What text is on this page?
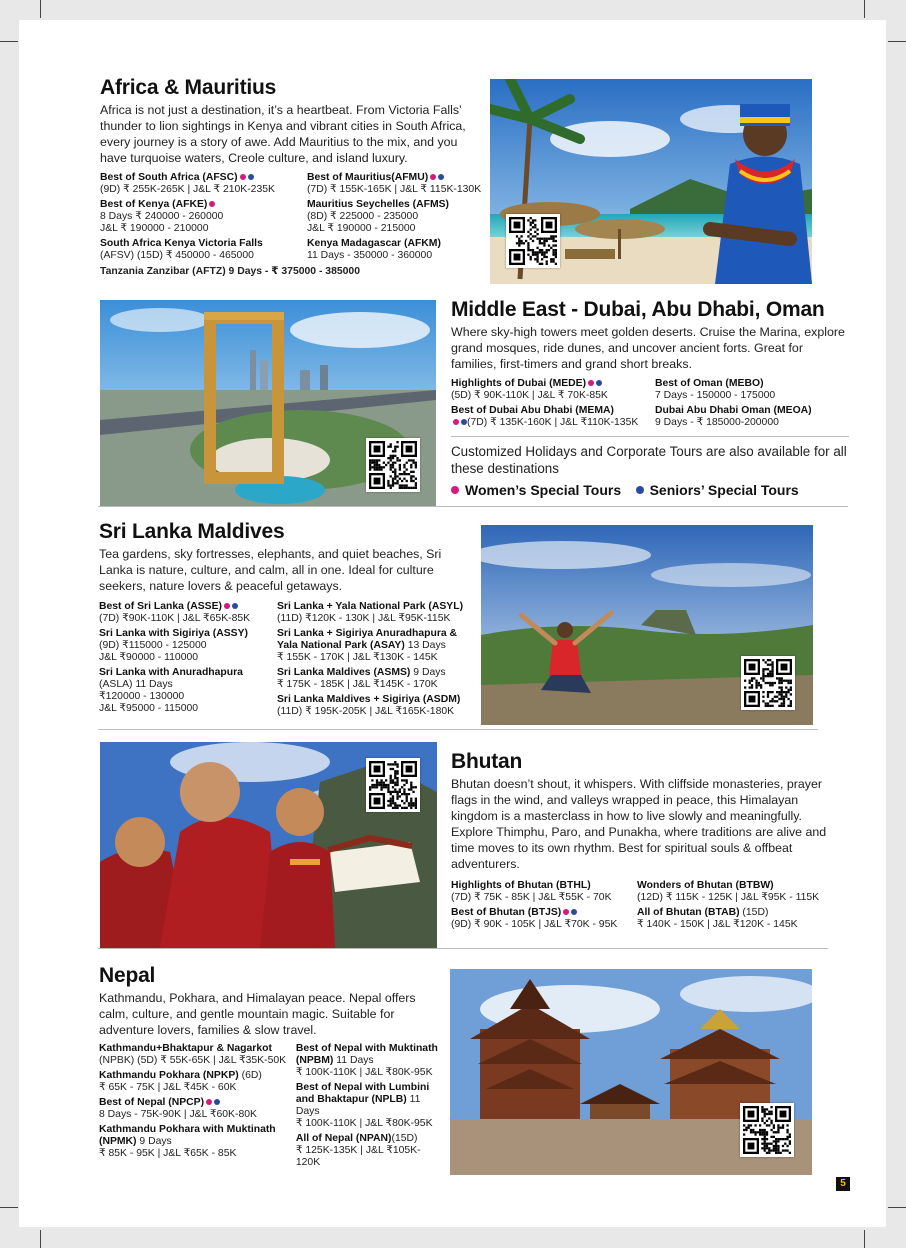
Africa & Mauritius
Africa is not just a destination, it’s a heartbeat. From Victoria Falls’ thunder to lion sightings in Kenya and vibrant cities in South Africa, every journey is a story of awe. Add Mauritius to the mix, and you have turquoise waters, Creole culture, and island luxury.
Best of South Africa (AFSC)
(9D) ₹ 255K-265K | J&L ₹ 210K-235K

Best of Kenya (AFKE)
8 Days ₹ 240000 - 260000
J&L ₹ 190000 - 210000

South Africa Kenya Victoria Falls
(AFSV) (15D) ₹ 450000 - 465000

Best of Mauritius(AFMU)
(7D) ₹ 155K-165K | J&L ₹ 115K-130K

Mauritius Seychelles (AFMS)
(8D) ₹ 225000 - 235000
J&L ₹ 190000 - 215000

Kenya Madagascar (AFKM)
11 Days - 350000 - 360000

Tanzania Zanzibar (AFTZ) 9 Days - ₹ 375000 - 385000
Middle East - Dubai, Abu Dhabi, Oman
Where sky-high towers meet golden deserts. Cruise the Marina, explore grand mosques, ride dunes, and uncover ancient forts. Great for families, first-timers and grand short breaks.
Highlights of Dubai (MEDE)
(5D) ₹ 90K-110K | J&L ₹ 70K-85K

Best of Dubai Abu Dhabi (MEMA)
(7D) ₹ 135K-160K | J&L ₹110K-135K

Best of Oman (MEBO)
7 Days - 150000 - 175000

Dubai Abu Dhabi Oman (MEOA)
9 Days - ₹ 185000-200000

Customized Holidays and Corporate Tours are also available for all these destinations
Women’s Special Tours
Seniors’ Special Tours
Sri Lanka Maldives
Tea gardens, sky fortresses, elephants, and quiet beaches, Sri Lanka is nature, culture, and calm, all in one. Ideal for culture seekers, nature lovers & peaceful getaways.
Best of Sri Lanka (ASSE)
(7D) ₹90K-110K | J&L ₹65K-85K

Sri Lanka with Sigiriya (ASSY)
(9D) ₹115000 - 125000
J&L ₹90000 - 110000

Sri Lanka with Anuradhapura
(ASLA) 11 Days
₹120000 - 130000
J&L ₹95000 - 115000

Sri Lanka + Yala National Park (ASYL)
(11D) ₹120K - 130K | J&L ₹95K-115K

Sri Lanka + Sigiriya Anuradhapura & Yala National Park (ASAY) 13 Days
₹ 155K - 170K | J&L ₹130K - 145K

Sri Lanka Maldives (ASMS) 9 Days
₹ 175K - 185K | J&L ₹145K - 170K

Sri Lanka Maldives + Sigiriya (ASDM)
(11D) ₹ 195K-205K | J&L ₹165K-180K

Bhutan
Bhutan doesn’t shout, it whispers. With cliffside monasteries, prayer flags in the wind, and valleys wrapped in peace, this Himalayan kingdom is a masterclass in how to live slowly and meaningfully. Explore Thimphu, Paro, and Punakha, where traditions are alive and time moves to its own rhythm. Best for spiritual souls & offbeat adventurers.
Highlights of Bhutan (BTHL)
(7D) ₹ 75K - 85K | J&L ₹55K - 70K

Best of Bhutan (BTJS)
(9D) ₹ 90K - 105K | J&L ₹70K - 95K

Wonders of Bhutan (BTBW)
(12D) ₹ 115K - 125K | J&L ₹95K - 115K

All of Bhutan (BTAB) (15D)
₹ 140K - 150K | J&L ₹120K - 145K

Nepal
Kathmandu, Pokhara, and Himalayan peace. Nepal offers calm, culture, and gentle mountain magic. Suitable for adventure lovers, families & slow travel.
Kathmandu+Bhaktapur & Nagarkot
(NPBK) (5D) ₹ 55K-65K | J&L ₹35K-50K

Kathmandu Pokhara (NPKP) (6D)
₹ 65K - 75K | J&L ₹45K - 60K

Best of Nepal (NPCP)
8 Days - 75K-90K | J&L ₹60K-80K

Kathmandu Pokhara with Muktinath (NPMK) 9 Days
₹ 85K - 95K | J&L ₹65K - 85K

Best of Nepal with Muktinath (NPBM) 11 Days
₹ 100K-110K | J&L ₹80K-95K

Best of Nepal with Lumbini and Bhaktapur (NPLB) 11 Days
₹ 100K-110K | J&L ₹80K-95K

All of Nepal (NPAN)(15D)
₹ 125K-135K | J&L ₹105K-120K

5
